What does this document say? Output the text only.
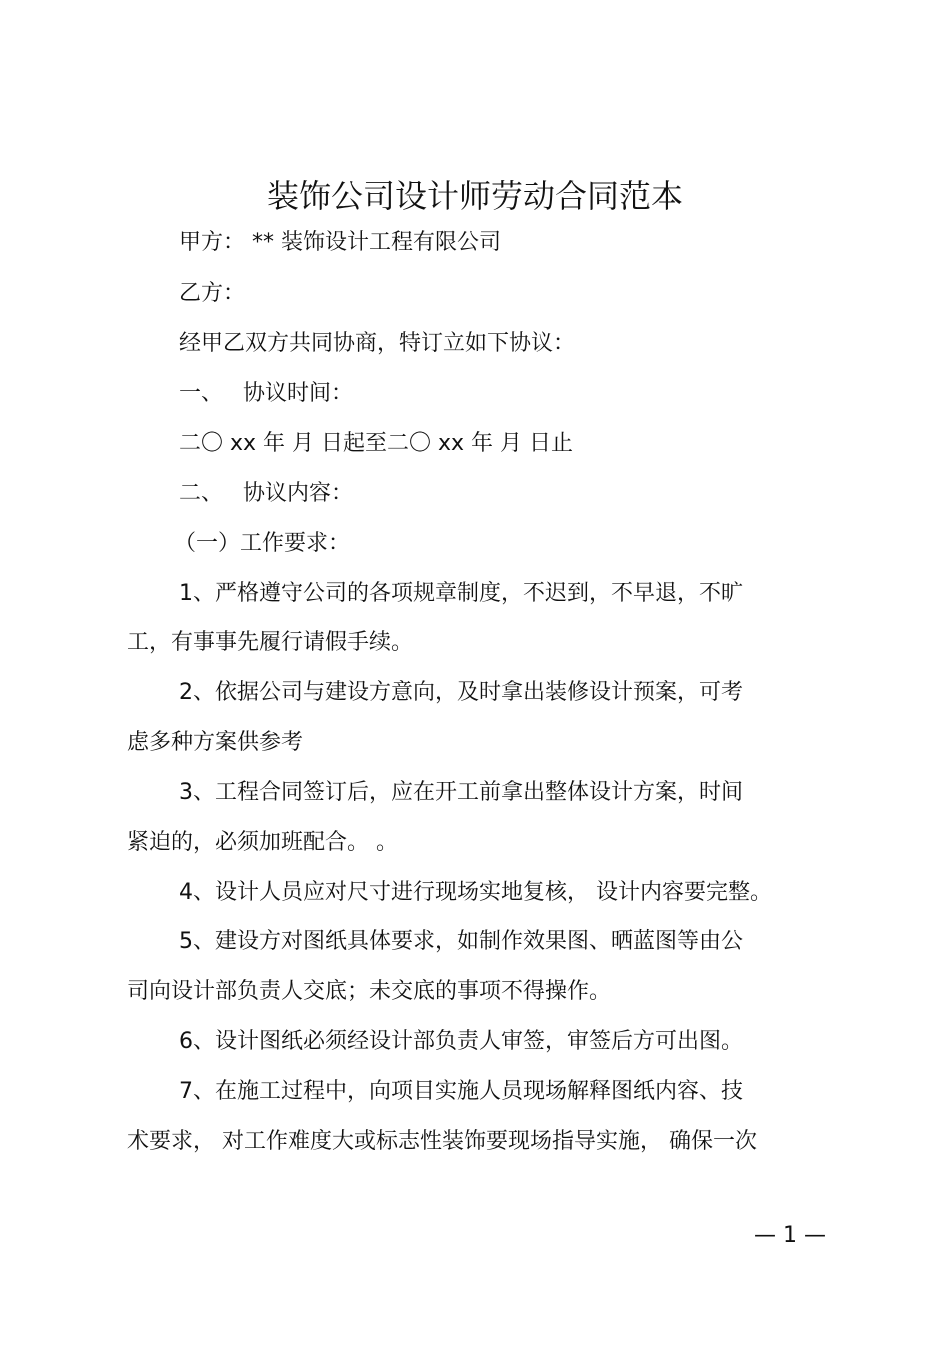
装饰公司设计师劳动合同范本
甲方： ** 装饰设计工程有限公司
乙方：
经甲乙双方共同协商，特订立如下协议：
一、 协议时间：
二〇 xx 年 月 日起至二〇 xx 年 月 日止
二、 协议内容：
（一）工作要求：
1、严格遵守公司的各项规章制度，不迟到，不早退，不旷
工，有事事先履行请假手续。
2、依据公司与建设方意向，及时拿出装修设计预案，可考
虑多种方案供参考
3、工程合同签订后，应在开工前拿出整体设计方案，时间
紧迫的，必须加班配合。 。
4、设计人员应对尺寸进行现场实地复核， 设计内容要完整。
5、建设方对图纸具体要求，如制作效果图、晒蓝图等由公
司向设计部负责人交底；未交底的事项不得操作。
6、设计图纸必须经设计部负责人审签，审签后方可出图。
7、在施工过程中，向项目实施人员现场解释图纸内容、技
术要求， 对工作难度大或标志性装饰要现场指导实施， 确保一次
— 1 —
